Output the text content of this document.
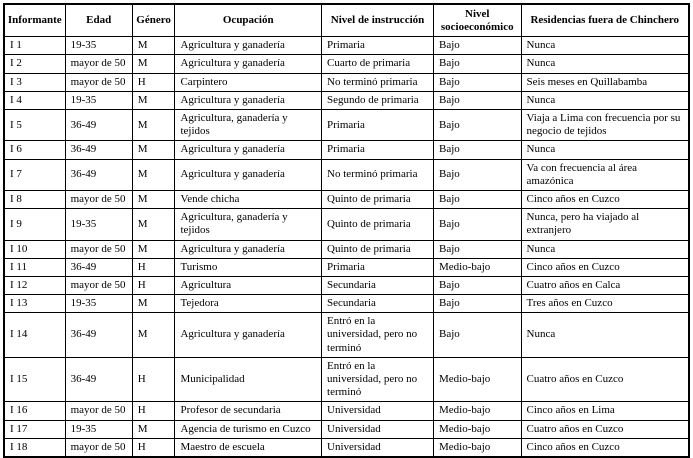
Informante	Edad	Género	Ocupación	Nivel de instrucción	Nivel socioeconómico	Residencias fuera de Chinchero
I 1	19-35	M	Agricultura y ganadería	Primaria	Bajo	Nunca
I 2	mayor de 50	M	Agricultura y ganadería	Cuarto de primaria	Bajo	Nunca
I 3	mayor de 50	H	Carpintero	No terminó primaria	Bajo	Seis meses en Quillabamba
I 4	19-35	M	Agricultura y ganadería	Segundo de primaria	Bajo	Nunca
I 5	36-49	M	Agricultura, ganadería y tejidos	Primaria	Bajo	Viaja a Lima con frecuencia por su negocio de tejidos
I 6	36-49	M	Agricultura y ganadería	Primaria	Bajo	Nunca
I 7	36-49	M	Agricultura y ganadería	No terminó primaria	Bajo	Va con frecuencia al área amazónica
I 8	mayor de 50	M	Vende chicha	Quinto de primaria	Bajo	Cinco años en Cuzco
I 9	19-35	M	Agricultura, ganadería y tejidos	Quinto de primaria	Bajo	Nunca, pero ha viajado al extranjero
I 10	mayor de 50	M	Agricultura y ganadería	Quinto de primaria	Bajo	Nunca
I 11	36-49	H	Turismo	Primaria	Medio-bajo	Cinco años en Cuzco
I 12	mayor de 50	H	Agricultura	Secundaria	Bajo	Cuatro años en Calca
I 13	19-35	M	Tejedora	Secundaria	Bajo	Tres años en Cuzco
I 14	36-49	M	Agricultura y ganadería	Entró en la universidad, pero no terminó	Bajo	Nunca
I 15	36-49	H	Municipalidad	Entró en la universidad, pero no terminó	Medio-bajo	Cuatro años en Cuzco
I 16	mayor de 50	H	Profesor de secundaria	Universidad	Medio-bajo	Cinco años en Lima
I 17	19-35	M	Agencia de turismo en Cuzco	Universidad	Medio-bajo	Cuatro años en Cuzco
I 18	mayor de 50	H	Maestro de escuela	Universidad	Medio-bajo	Cinco años en Cuzco
